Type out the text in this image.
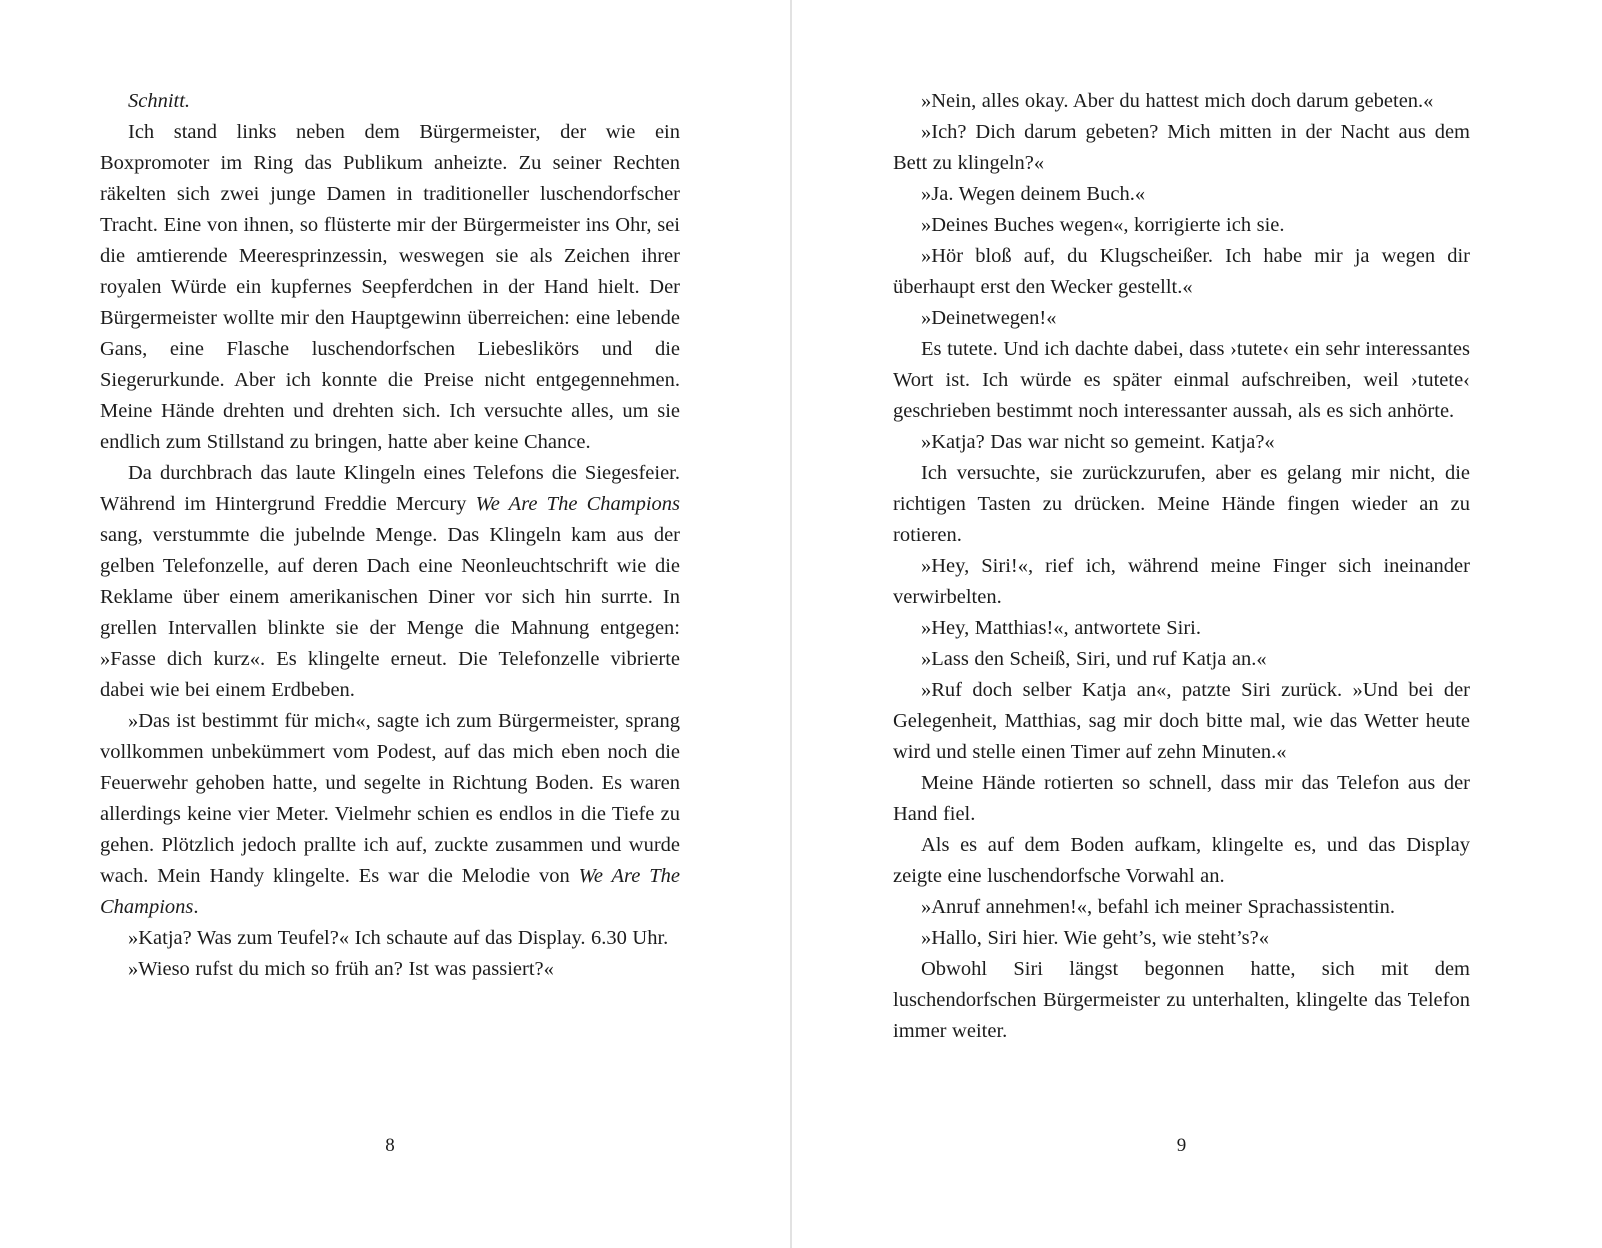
Schnitt.

Ich stand links neben dem Bürgermeister, der wie ein Boxpromoter im Ring das Publikum anheizte. Zu seiner Rechten räkelten sich zwei junge Damen in traditioneller luschendorfscher Tracht. Eine von ihnen, so flüsterte mir der Bürgermeister ins Ohr, sei die amtierende Meeresprinzessin, weswegen sie als Zeichen ihrer royalen Würde ein kupfernes Seepferdchen in der Hand hielt. Der Bürgermeister wollte mir den Hauptgewinn überreichen: eine lebende Gans, eine Flasche luschendorfschen Liebeslikörs und die Siegerurkunde. Aber ich konnte die Preise nicht entgegennehmen. Meine Hände drehten und drehten sich. Ich versuchte alles, um sie endlich zum Stillstand zu bringen, hatte aber keine Chance.

Da durchbrach das laute Klingeln eines Telefons die Siegesfeier. Während im Hintergrund Freddie Mercury We Are The Champions sang, verstummte die jubelnde Menge. Das Klingeln kam aus der gelben Telefonzelle, auf deren Dach eine Neonleuchtschrift wie die Reklame über einem amerikanischen Diner vor sich hin surrte. In grellen Intervallen blinkte sie der Menge die Mahnung entgegen: »Fasse dich kurz«. Es klingelte erneut. Die Telefonzelle vibrierte dabei wie bei einem Erdbeben.

»Das ist bestimmt für mich«, sagte ich zum Bürgermeister, sprang vollkommen unbekümmert vom Podest, auf das mich eben noch die Feuerwehr gehoben hatte, und segelte in Richtung Boden. Es waren allerdings keine vier Meter. Vielmehr schien es endlos in die Tiefe zu gehen. Plötzlich jedoch prallte ich auf, zuckte zusammen und wurde wach. Mein Handy klingelte. Es war die Melodie von We Are The Champions.

»Katja? Was zum Teufel?« Ich schaute auf das Display. 6.30 Uhr.

»Wieso rufst du mich so früh an? Ist was passiert?«

8

»Nein, alles okay. Aber du hattest mich doch darum gebeten.«

»Ich? Dich darum gebeten? Mich mitten in der Nacht aus dem Bett zu klingeln?«

»Ja. Wegen deinem Buch.«

»Deines Buches wegen«, korrigierte ich sie.

»Hör bloß auf, du Klugscheißer. Ich habe mir ja wegen dir überhaupt erst den Wecker gestellt.«

»Deinetwegen!«

Es tutete. Und ich dachte dabei, dass ›tutete‹ ein sehr interessantes Wort ist. Ich würde es später einmal aufschreiben, weil ›tutete‹ geschrieben bestimmt noch interessanter aussah, als es sich anhörte.

»Katja? Das war nicht so gemeint. Katja?«

Ich versuchte, sie zurückzurufen, aber es gelang mir nicht, die richtigen Tasten zu drücken. Meine Hände fingen wieder an zu rotieren.

»Hey, Siri!«, rief ich, während meine Finger sich ineinander verwirbelten.

»Hey, Matthias!«, antwortete Siri.

»Lass den Scheiß, Siri, und ruf Katja an.«

»Ruf doch selber Katja an«, patzte Siri zurück. »Und bei der Gelegenheit, Matthias, sag mir doch bitte mal, wie das Wetter heute wird und stelle einen Timer auf zehn Minuten.«

Meine Hände rotierten so schnell, dass mir das Telefon aus der Hand fiel.

Als es auf dem Boden aufkam, klingelte es, und das Display zeigte eine luschendorfsche Vorwahl an.

»Anruf annehmen!«, befahl ich meiner Sprachassistentin.

»Hallo, Siri hier. Wie geht’s, wie steht’s?«

Obwohl Siri längst begonnen hatte, sich mit dem luschendorfschen Bürgermeister zu unterhalten, klingelte das Telefon immer weiter.

9
